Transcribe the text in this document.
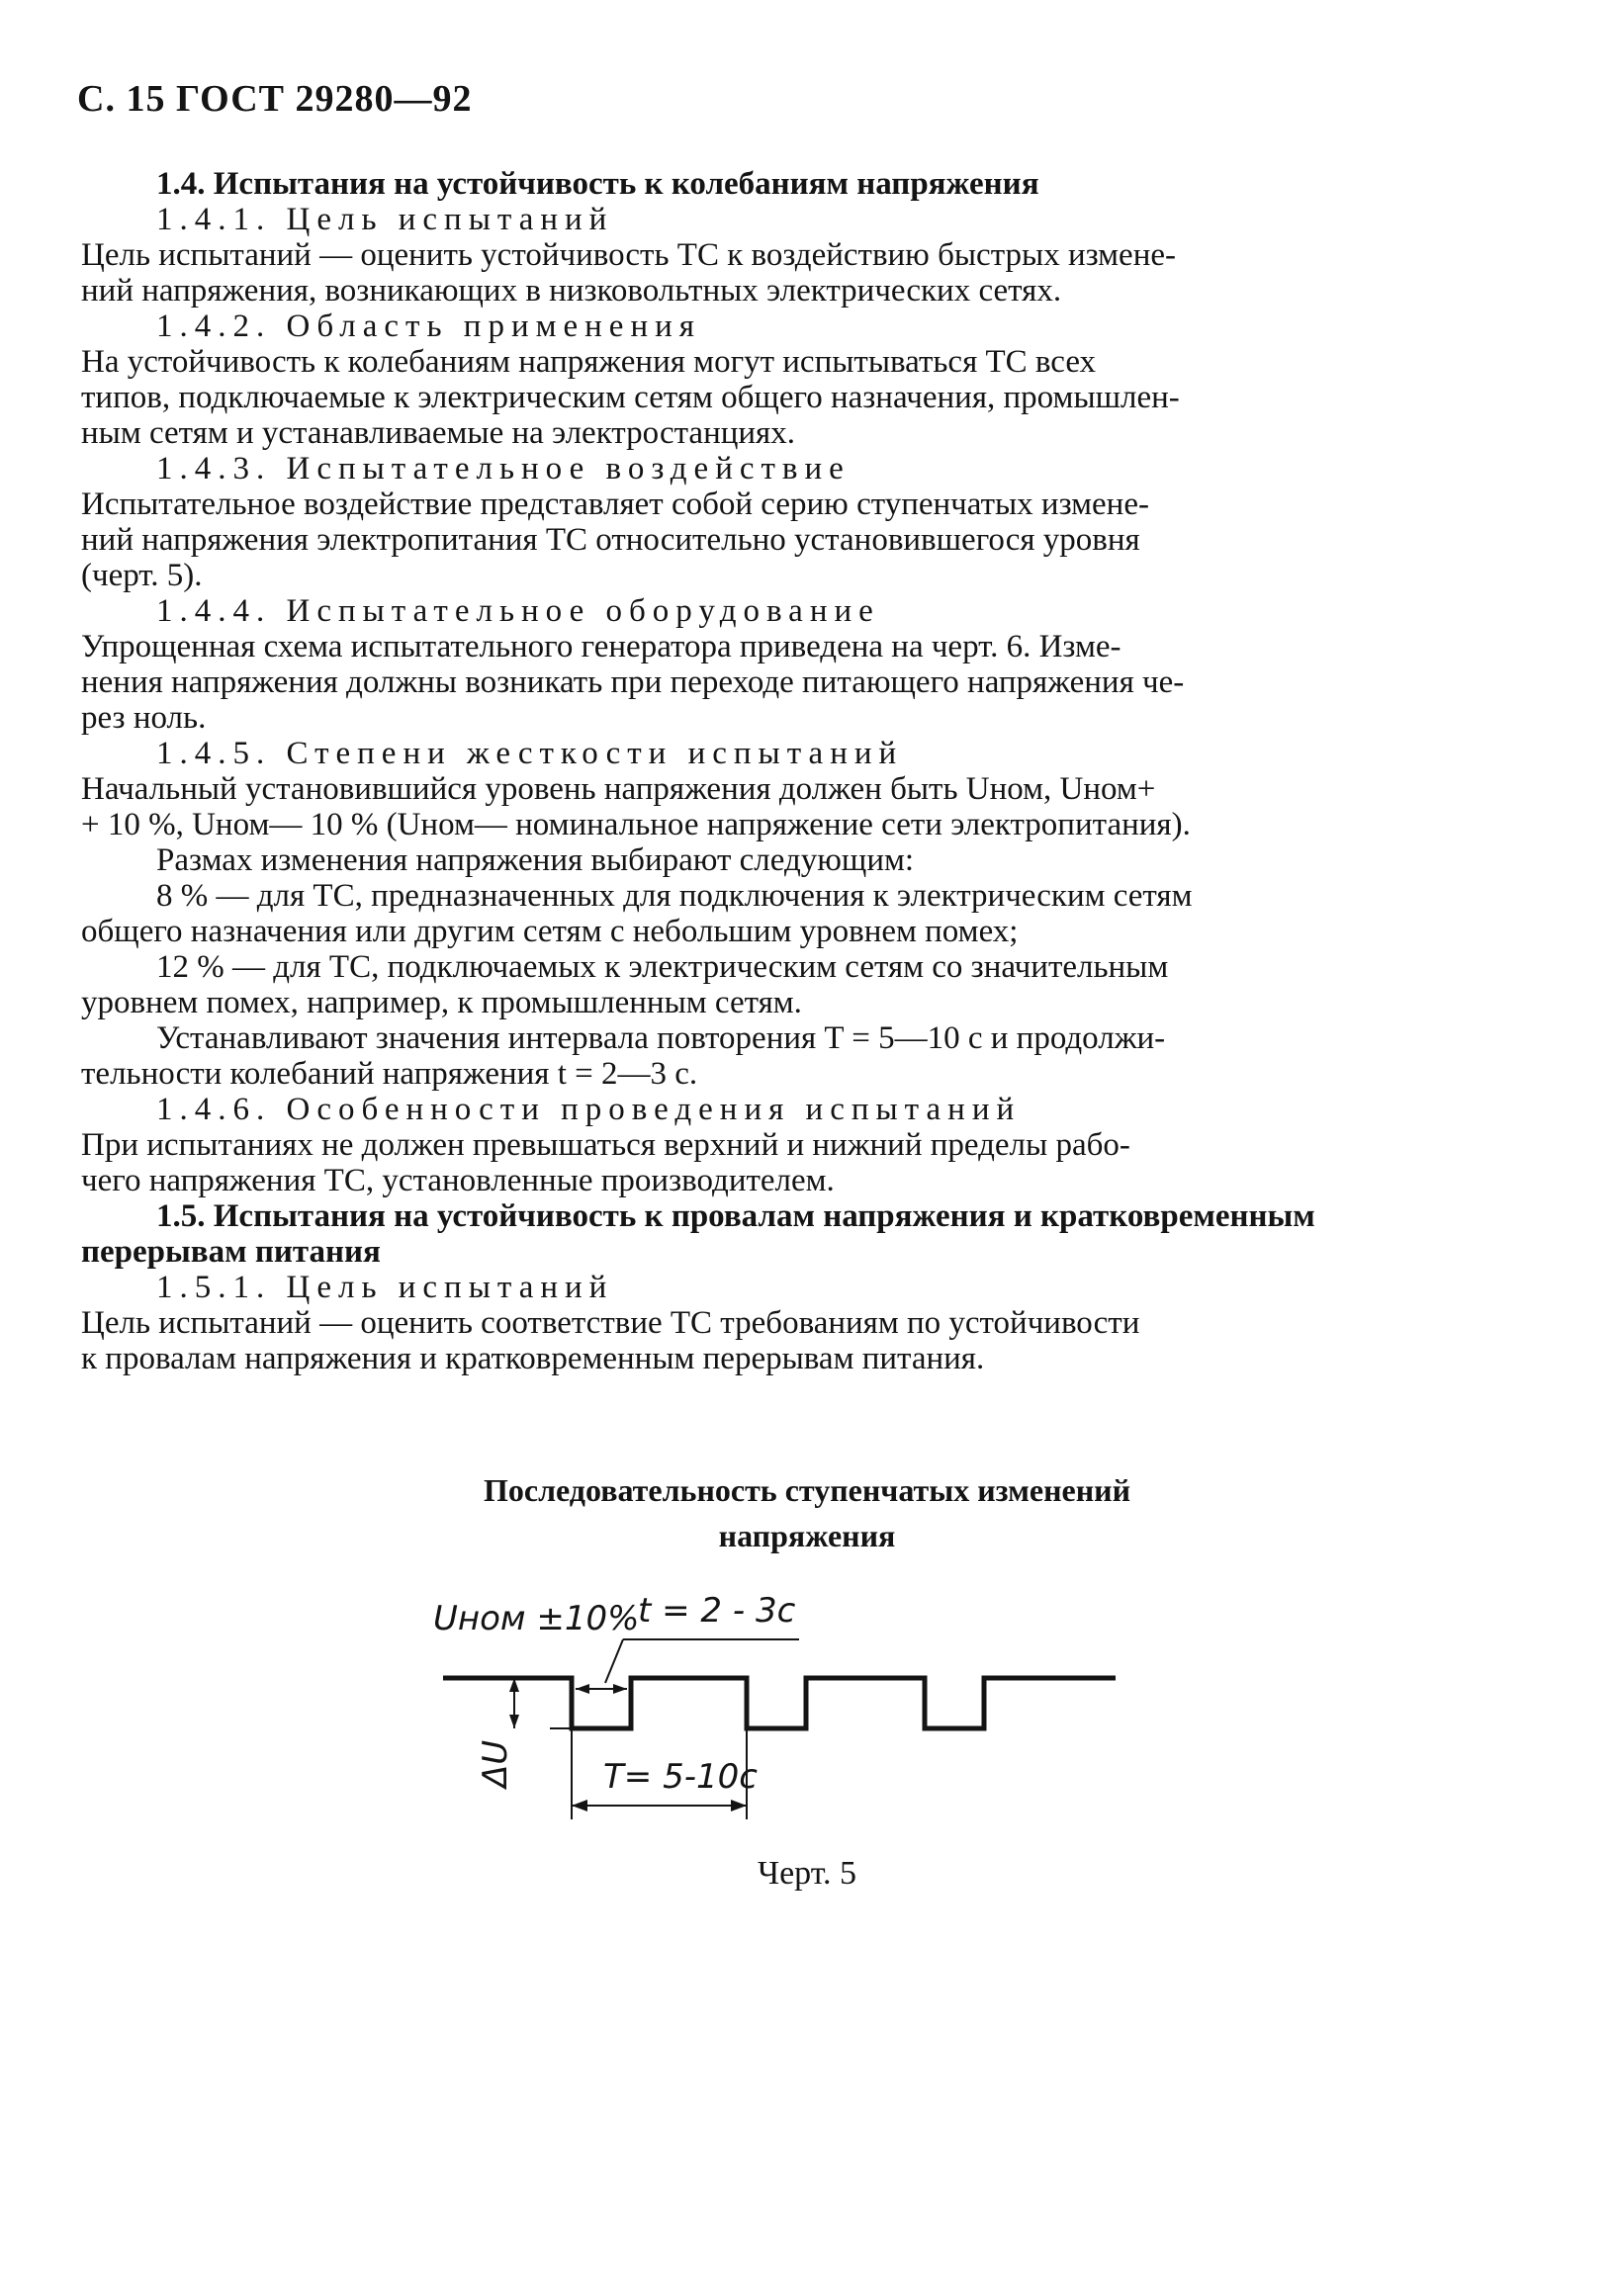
С. 15 ГОСТ 29280—92

1.4. Испытания на устойчивость к колебаниям напряжения

1.4.1. Цель испытаний

Цель испытаний — оценить устойчивость ТС к воздействию быстрых измене-
ний напряжения, возникающих в низковольтных электрических сетях.

1.4.2. Область применения

На устойчивость к колебаниям напряжения могут испытываться ТС всех
типов, подключаемые к электрическим сетям общего назначения, промышлен-
ным сетям и устанавливаемые на электростанциях.

1.4.3. Испытательное воздействие

Испытательное воздействие представляет собой серию ступенчатых измене-
ний напряжения электропитания ТС относительно установившегося уровня
(черт. 5).

1.4.4. Испытательное оборудование

Упрощенная схема испытательного генератора приведена на черт. 6. Изме-
нения напряжения должны возникать при переходе питающего напряжения че-
рез ноль.

1.4.5. Степени жесткости испытаний

Начальный установившийся уровень напряжения должен быть Uном, Uном+
+ 10 %, Uном— 10 % (Uном— номинальное напряжение сети электропитания).

Размах изменения напряжения выбирают следующим:

8 % — для ТС, предназначенных для подключения к электрическим сетям
общего назначения или другим сетям с небольшим уровнем помех;

12 % — для ТС, подключаемых к электрическим сетям со значительным
уровнем помех, например, к промышленным сетям.

Устанавливают значения интервала повторения T = 5—10 с и продолжи-
тельности колебаний напряжения t = 2—3 с.

1.4.6. Особенности проведения испытаний

При испытаниях не должен превышаться верхний и нижний пределы рабо-
чего напряжения ТС, установленные производителем.

1.5. Испытания на устойчивость к провалам напряжения и кратковременным
перерывам питания

1.5.1. Цель испытаний

Цель испытаний — оценить соответствие ТС требованиям по устойчивости
к провалам напряжения и кратковременным перерывам питания.

Последовательность ступенчатых изменений
напряжения
Uном ±10%
t = 2 - 3c
T= 5-10c
ΔU
Черт. 5
